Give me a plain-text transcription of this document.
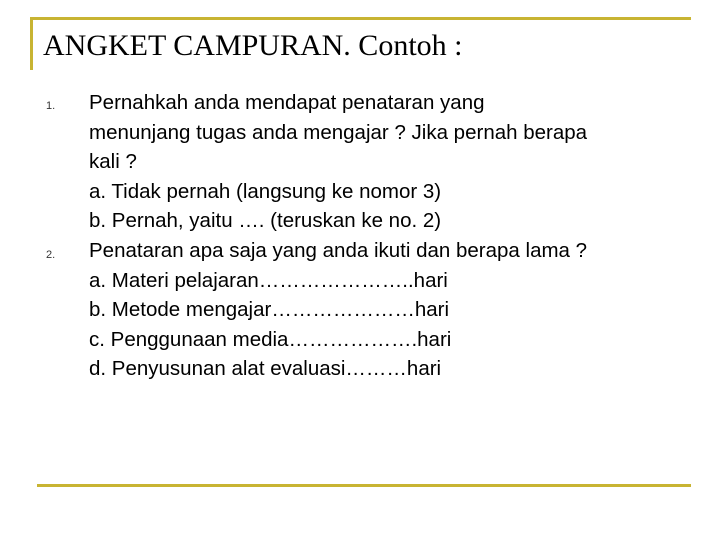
ANGKET CAMPURAN. Contoh :
1. Pernahkah anda mendapat penataran yang
menunjang tugas anda mengajar ? Jika pernah berapa
kali ?
a. Tidak pernah (langsung ke nomor 3)
b. Pernah, yaitu …. (teruskan ke no. 2)
2. Penataran apa saja yang anda ikuti dan berapa lama ?
a. Materi pelajaran…………………..hari
b. Metode mengajar…………………hari
c. Penggunaan media……………….hari
d. Penyusunan alat evaluasi………hari
